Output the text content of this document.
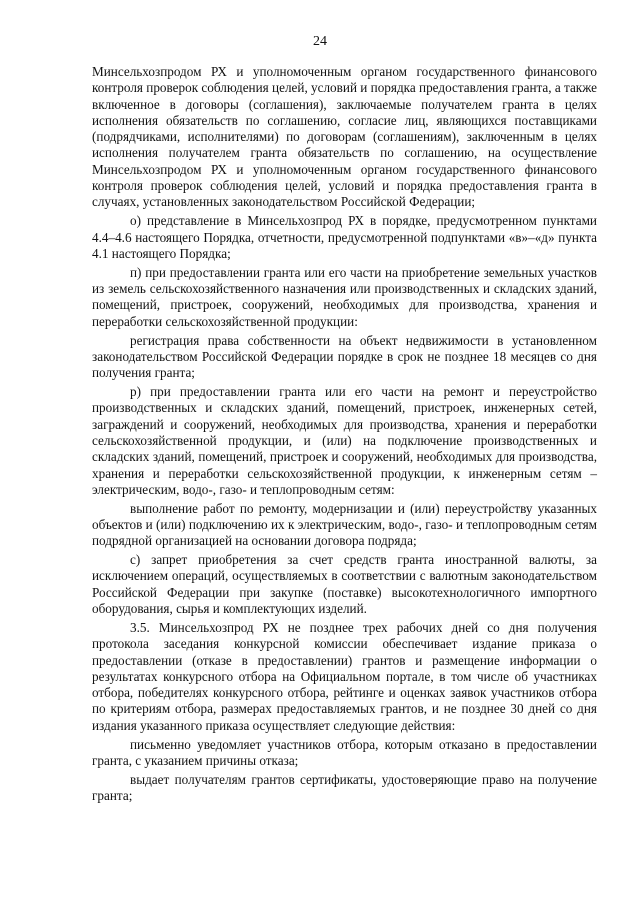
24

Минсельхозпродом РХ и уполномоченным органом государственного финансового контроля проверок соблюдения целей, условий и порядка предоставления гранта, а также включенное в договоры (соглашения), заключаемые получателем гранта в целях исполнения обязательств по соглашению, согласие лиц, являющихся поставщиками (подрядчиками, исполнителями) по договорам (соглашениям), заключенным в целях исполнения получателем гранта обязательств по соглашению, на осуществление Минсельхозпродом РХ и уполномоченным органом государственного финансового контроля проверок соблюдения целей, условий и порядка предоставления гранта в случаях, установленных законодательством Российской Федерации;

о) представление в Минсельхозпрод РХ в порядке, предусмотренном пунктами 4.4–4.6 настоящего Порядка, отчетности, предусмотренной подпунктами «в»–«д» пункта 4.1 настоящего Порядка;

п) при предоставлении гранта или его части на приобретение земельных участков из земель сельскохозяйственного назначения или производственных и складских зданий, помещений, пристроек, сооружений, необходимых для производства, хранения и переработки сельскохозяйственной продукции:

регистрация права собственности на объект недвижимости в установленном законодательством Российской Федерации порядке в срок не позднее 18 месяцев со дня получения гранта;

р) при предоставлении гранта или его части на ремонт и переустройство производственных и складских зданий, помещений, пристроек, инженерных сетей, заграждений и сооружений, необходимых для производства, хранения и переработки сельскохозяйственной продукции, и (или) на подключение производственных и складских зданий, помещений, пристроек и сооружений, необходимых для производства, хранения и переработки сельскохозяйственной продукции, к инженерным сетям – электрическим, водо-, газо- и теплопроводным сетям:

выполнение работ по ремонту, модернизации и (или) переустройству указанных объектов и (или) подключению их к электрическим, водо-, газо- и теплопроводным сетям подрядной организацией на основании договора подряда;

с) запрет приобретения за счет средств гранта иностранной валюты, за исключением операций, осуществляемых в соответствии с валютным законодательством Российской Федерации при закупке (поставке) высокотехнологичного импортного оборудования, сырья и комплектующих изделий.

3.5. Минсельхозпрод РХ не позднее трех рабочих дней со дня получения протокола заседания конкурсной комиссии обеспечивает издание приказа о предоставлении (отказе в предоставлении) грантов и размещение информации о результатах конкурсного отбора на Официальном портале, в том числе об участниках отбора, победителях конкурсного отбора, рейтинге и оценках заявок участников отбора по критериям отбора, размерах предоставляемых грантов, и не позднее 30 дней со дня издания указанного приказа осуществляет следующие действия:

письменно уведомляет участников отбора, которым отказано в предоставлении гранта, с указанием причины отказа;

выдает получателям грантов сертификаты, удостоверяющие право на получение гранта;
